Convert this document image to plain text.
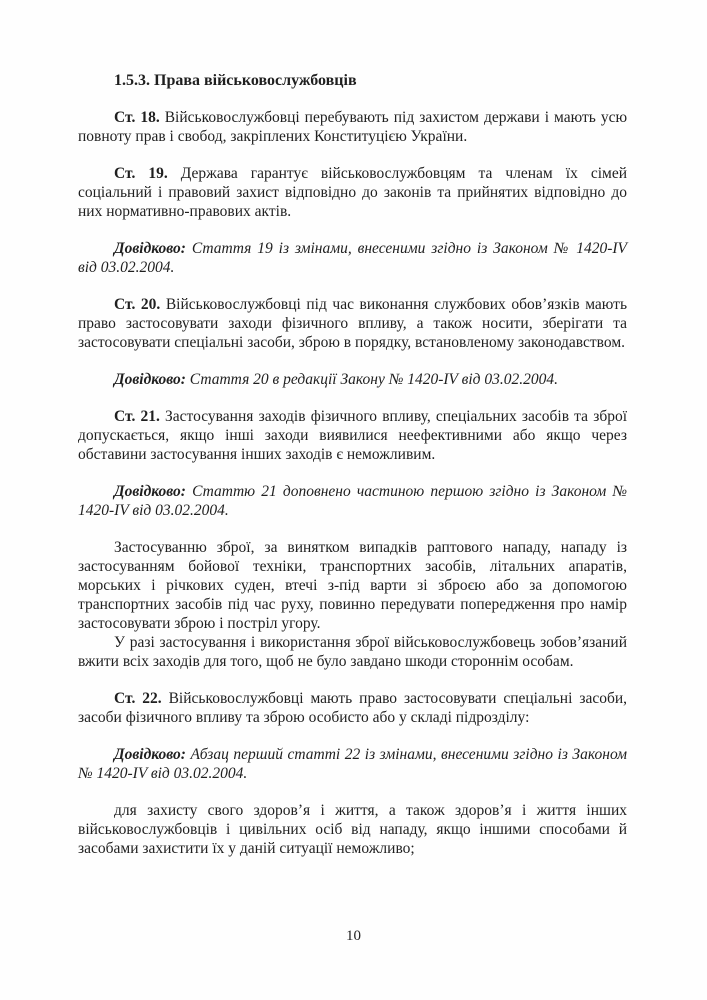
1.5.3. Права військовослужбовців

Ст. 18. Військовослужбовці перебувають під захистом держави і мають усю повноту прав і свобод, закріплених Конституцією України.

Ст. 19. Держава гарантує військовослужбовцям та членам їх сімей соціальний і правовий захист відповідно до законів та прийнятих відповідно до них нормативно-правових актів.

Довідково: Стаття 19 із змінами, внесеними згідно із Законом № 1420-IV від 03.02.2004.

Ст. 20. Військовослужбовці під час виконання службових обов’язків мають право застосовувати заходи фізичного впливу, а також носити, зберігати та застосовувати спеціальні засоби, зброю в порядку, встановленому законодавством.

Довідково: Стаття 20 в редакції Закону № 1420-IV від 03.02.2004.

Ст. 21. Застосування заходів фізичного впливу, спеціальних засобів та зброї допускається, якщо інші заходи виявилися неефективними або якщо через обставини застосування інших заходів є неможливим.

Довідково: Статтю 21 доповнено частиною першою згідно із Законом № 1420-IV від 03.02.2004.

Застосуванню зброї, за винятком випадків раптового нападу, нападу із застосуванням бойової техніки, транспортних засобів, літальних апаратів, морських і річкових суден, втечі з-під варти зі зброєю або за допомогою транспортних засобів під час руху, повинно передувати попередження про намір застосовувати зброю і постріл угору.

У разі застосування і використання зброї військовослужбовець зобов’язаний вжити всіх заходів для того, щоб не було завдано шкоди стороннім особам.

Ст. 22. Військовослужбовці мають право застосовувати спеціальні засоби, засоби фізичного впливу та зброю особисто або у складі підрозділу:

Довідково: Абзац перший статті 22 із змінами, внесеними згідно із Законом № 1420-IV від 03.02.2004.

для захисту свого здоров’я і життя, а також здоров’я і життя інших військовослужбовців і цивільних осіб від нападу, якщо іншими способами й засобами захистити їх у даній ситуації неможливо;

10
